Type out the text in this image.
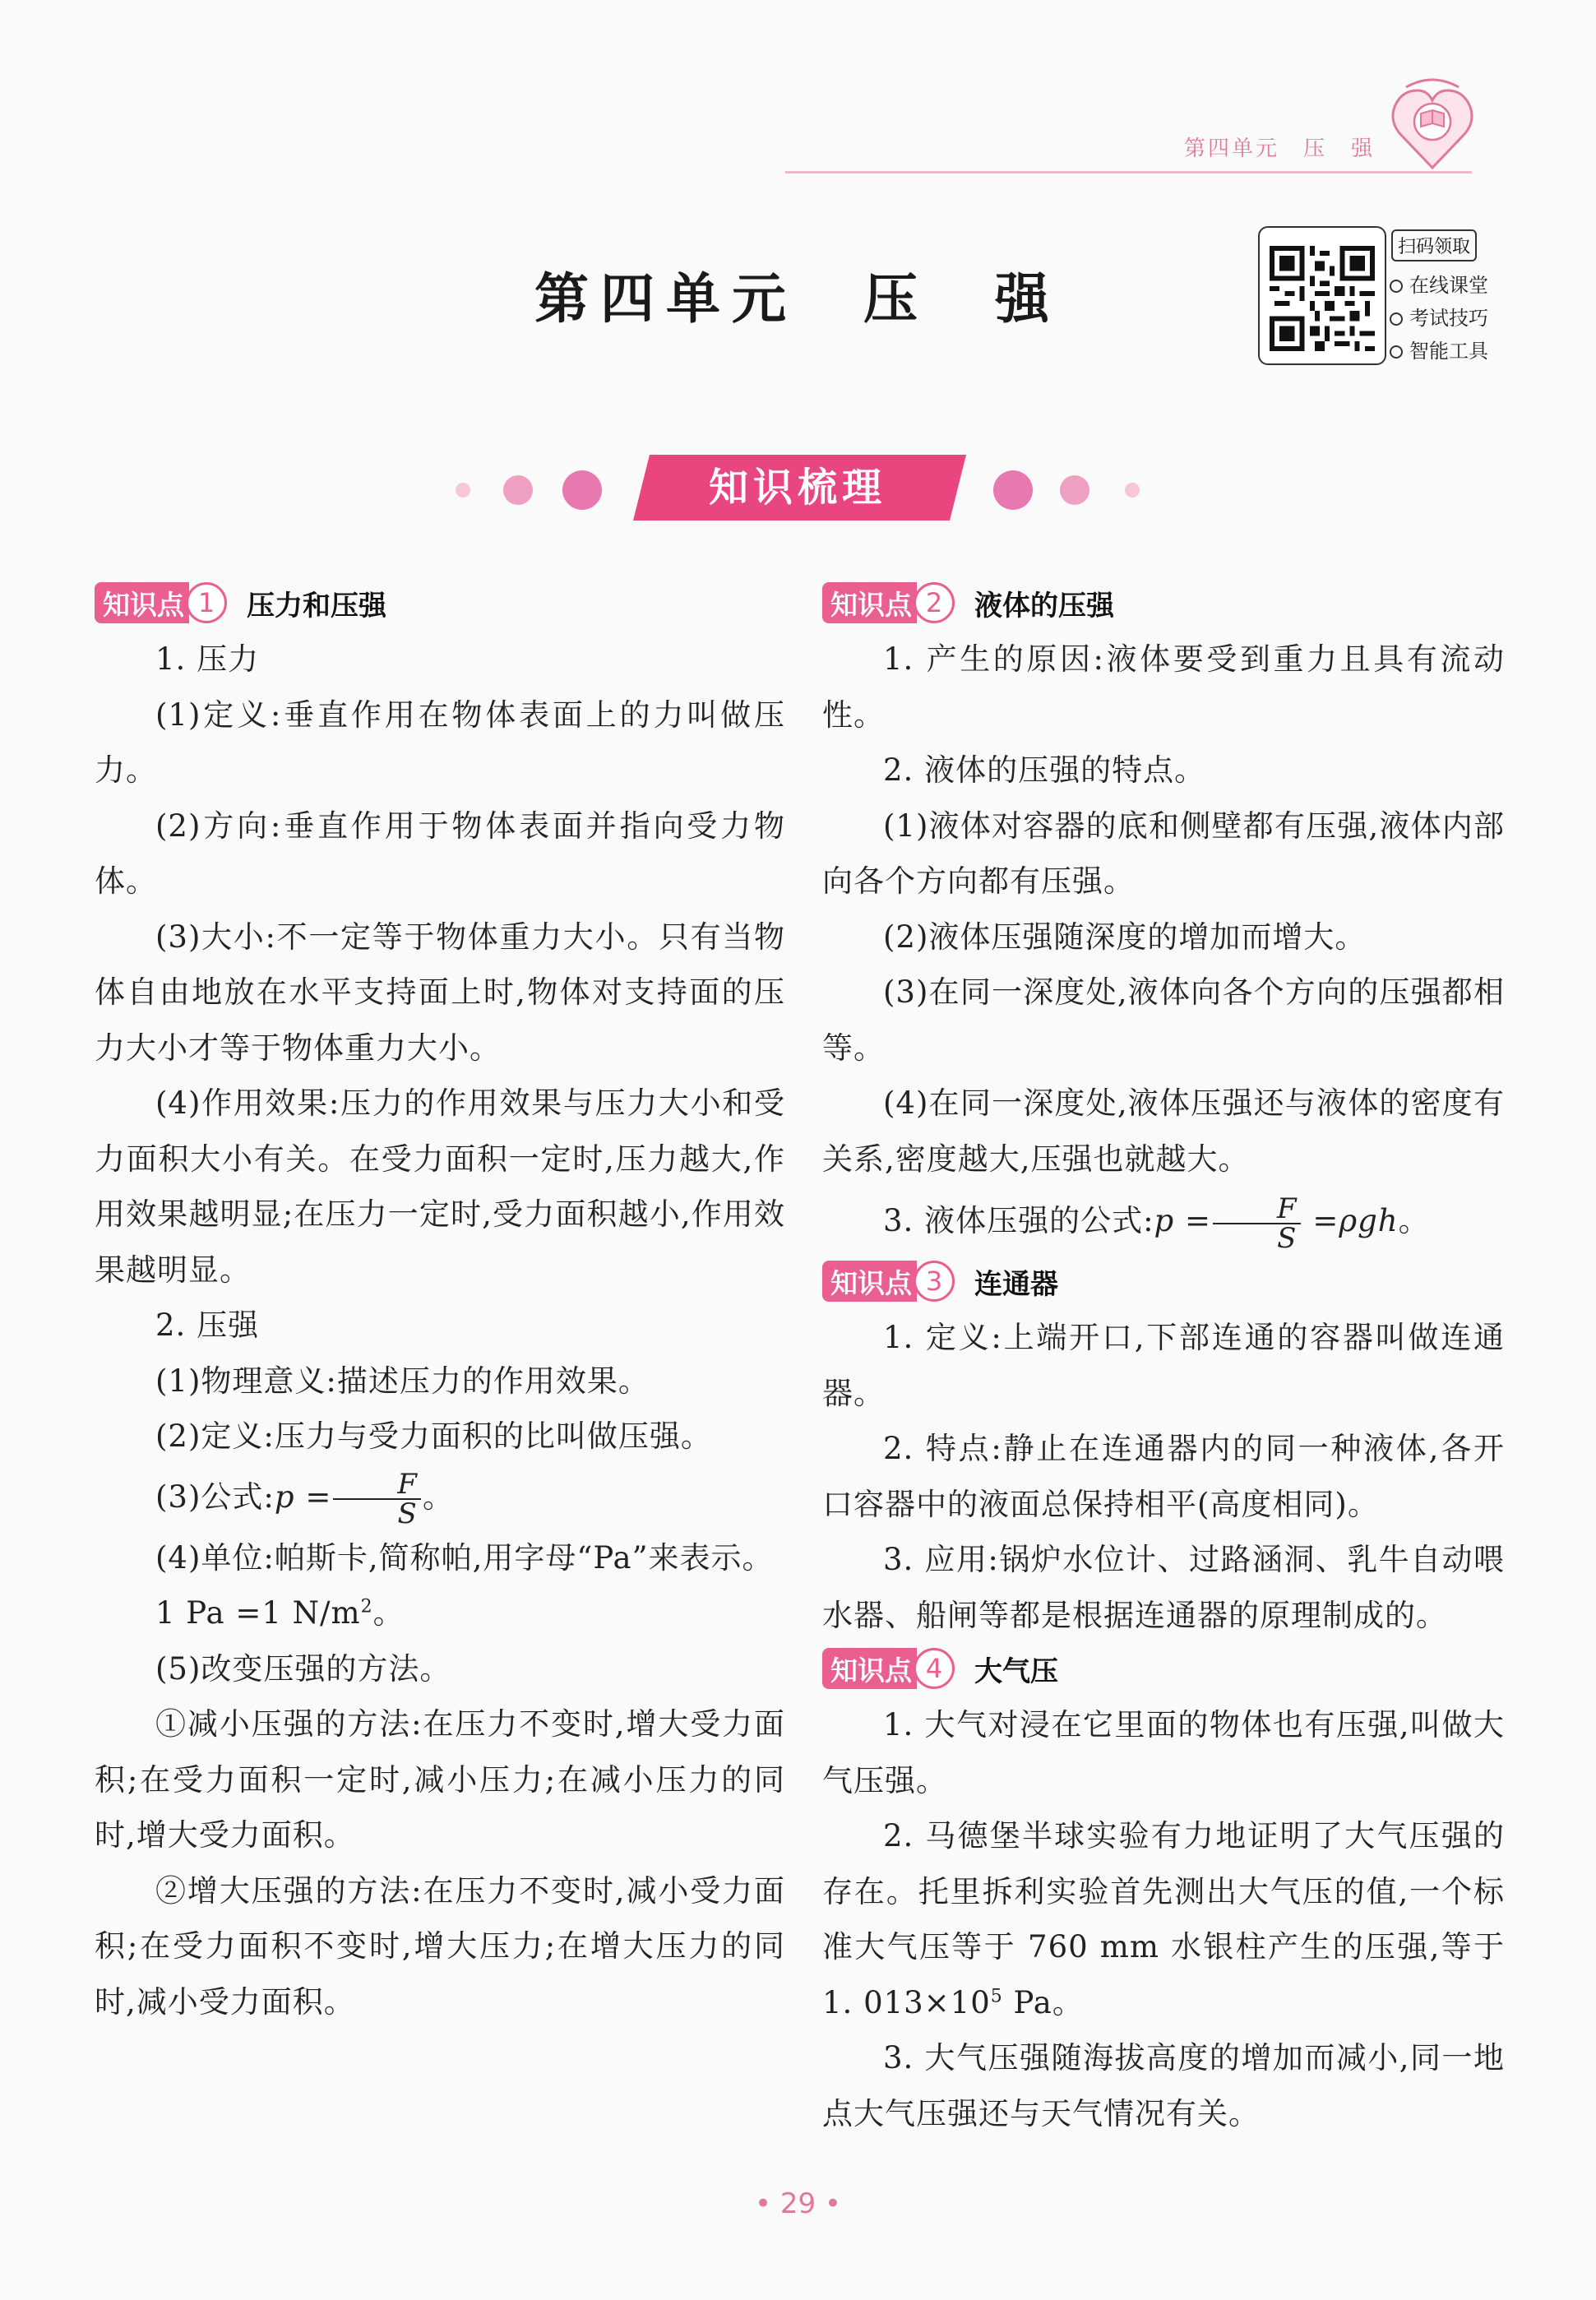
第四单元　压　强
第四单元　压　强
扫码领取
在线课堂
考试技巧
智能工具
知识梳理
知识点 1	压力和压强

1. 压力

(1)定义:垂直作用在物体表面上的力叫做压力。

(2)方向:垂直作用于物体表面并指向受力物体。

(3)大小:不一定等于物体重力大小。只有当物体自由地放在水平支持面上时,物体对支持面的压力大小才等于物体重力大小。

(4)作用效果:压力的作用效果与压力大小和受力面积大小有关。在受力面积一定时,压力越大,作用效果越明显;在压力一定时,受力面积越小,作用效果越明显。

2. 压强

(1)物理意义:描述压力的作用效果。

(2)定义:压力与受力面积的比叫做压强。

(3)公式:p = $\frac{F}{S}$ 。

(4)单位:帕斯卡,简称帕,用字母“Pa”来表示。

1 Pa =1 $N/m^2$。

(5)改变压强的方法。

①减小压强的方法:在压力不变时,增大受力面积;在受力面积一定时,减小压力;在减小压力的同时,增大受力面积。

②增大压强的方法:在压力不变时,减小受力面积;在受力面积不变时,增大压力;在增大压力的同时,减小受力面积。

知识点 2	液体的压强

1. 产生的原因:液体要受到重力且具有流动性。

2. 液体的压强的特点。

(1)液体对容器的底和侧壁都有压强,液体内部向各个方向都有压强。

(2)液体压强随深度的增加而增大。

(3)在同一深度处,液体向各个方向的压强都相等。

(4)在同一深度处,液体压强还与液体的密度有关系,密度越大,压强也就越大。

3. 液体压强的公式:p = $\frac{F}{S} =\rho gh$。

知识点 3	连通器

1. 定义:上端开口,下部连通的容器叫做连通器。

2. 特点:静止在连通器内的同一种液体,各开口容器中的液面总保持相平(高度相同)。

3. 应用:锅炉水位计、过路涵洞、乳牛自动喂水器、船闸等都是根据连通器的原理制成的。

知识点 4	大气压

1. 大气对浸在它里面的物体也有压强,叫做大气压强。

2. 马德堡半球实验有力地证明了大气压强的存在。托里拆利实验首先测出大气压的值,一个标准大气压等于 760 mm 水银柱产生的压强,等于 1. $013\times 10^5$ Pa。

3. 大气压强随海拔高度的增加而减小,同一地点大气压强还与天气情况有关。

• 29 •
